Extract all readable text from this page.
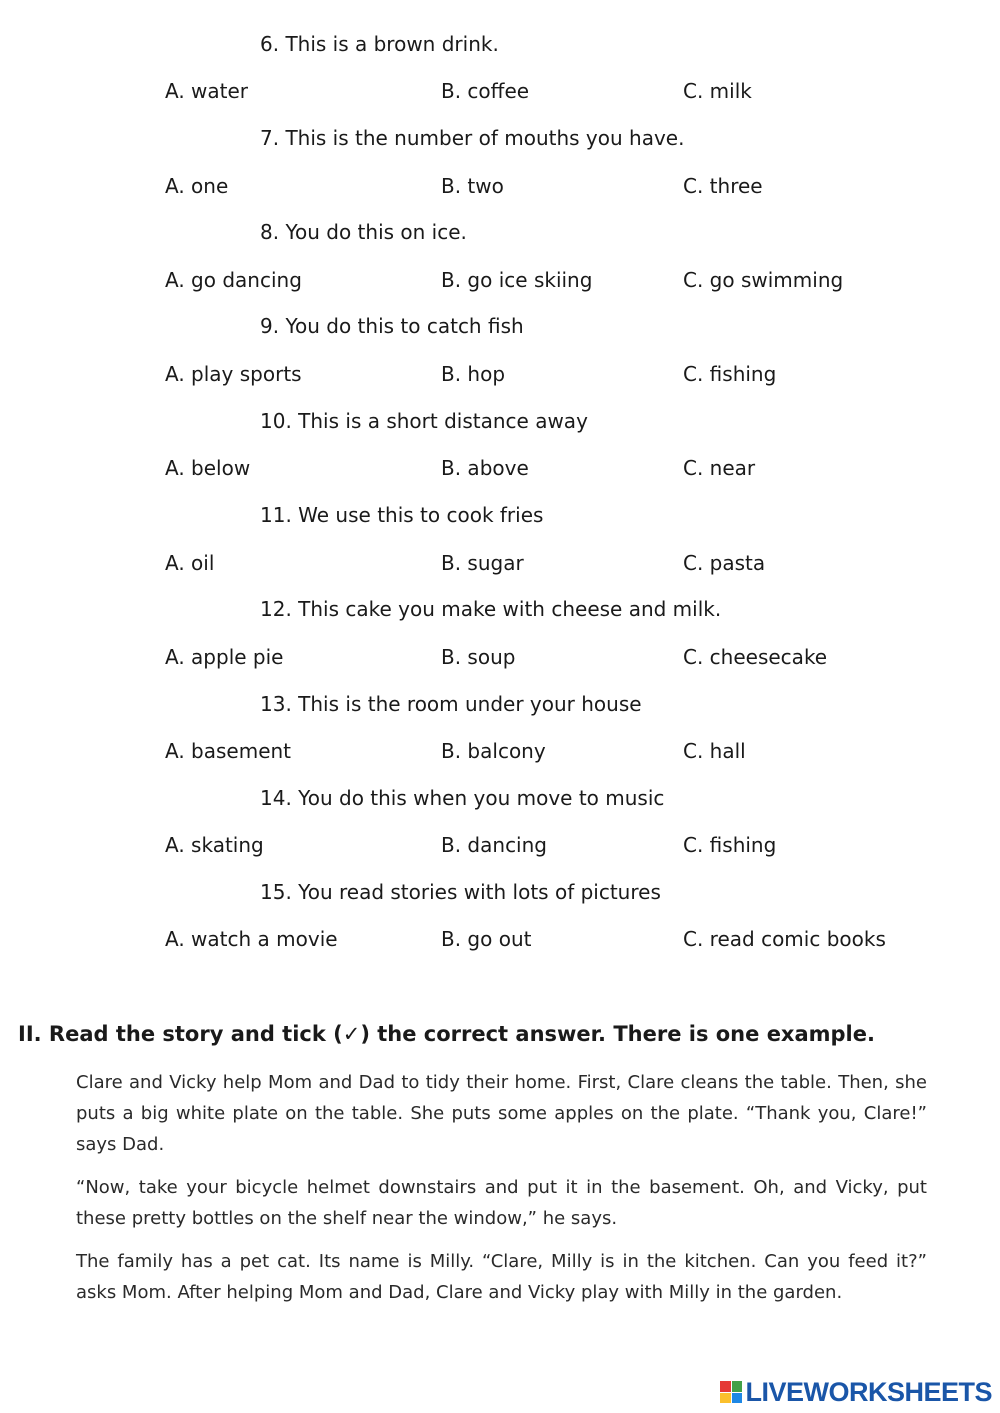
6. This is a brown drink.
A. water	B. coffee	C. milk
7. This is the number of mouths you have.
A. one	B. two	C. three
8. You do this on ice.
A. go dancing	B. go ice skiing	C. go swimming
9. You do this to catch fish
A. play sports	B. hop	C. fishing
10. This is a short distance away
A. below	B. above	C. near
11. We use this to cook fries
A. oil	B. sugar	C. pasta
12. This cake you make with cheese and milk.
A. apple pie	B. soup	C. cheesecake
13. This is the room under your house
A. basement	B. balcony	C. hall
14. You do this when you move to music
A. skating	B. dancing	C. fishing
15. You read stories with lots of pictures
A. watch a movie	B. go out	C. read comic books
II. Read the story and tick (✓) the correct answer. There is one example.

Clare and Vicky help Mom and Dad to tidy their home. First, Clare cleans the table. Then, she puts a big white plate on the table. She puts some apples on the plate. “Thank you, Clare!” says Dad.

“Now, take your bicycle helmet downstairs and put it in the basement. Oh, and Vicky, put these pretty bottles on the shelf near the window,” he says.

The family has a pet cat. Its name is Milly. “Clare, Milly is in the kitchen. Can you feed it?” asks Mom. After helping Mom and Dad, Clare and Vicky play with Milly in the garden.

LIVEWORKSHEETS
